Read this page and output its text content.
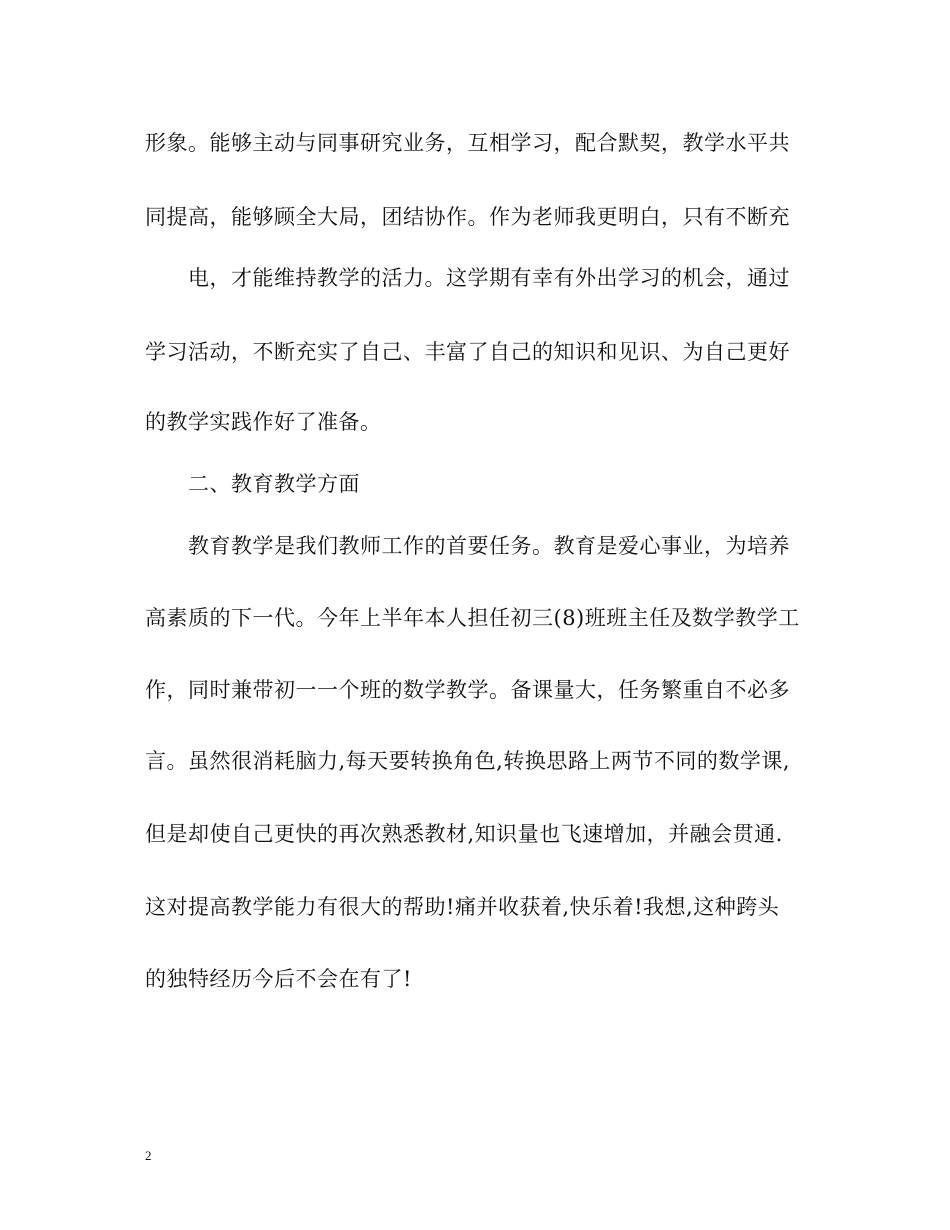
形象。能够主动与同事研究业务，互相学习，配合默契，教学水平共
同提高，能够顾全大局，团结协作。作为老师我更明白，只有不断充
电，才能维持教学的活力。这学期有幸有外出学习的机会，通过
学习活动，不断充实了自己、丰富了自己的知识和见识、为自己更好
的教学实践作好了准备。
二、教育教学方面
教育教学是我们教师工作的首要任务。教育是爱心事业，为培养
高素质的下一代。今年上半年本人担任初三(8)班班主任及数学教学工
作，同时兼带初一一个班的数学教学。备课量大，任务繁重自不必多
言。虽然很消耗脑力,每天要转换角色,转换思路上两节不同的数学课,
但是却使自己更快的再次熟悉教材,知识量也飞速增加，并融会贯通.
这对提高教学能力有很大的帮助!痛并收获着,快乐着!我想,这种跨头
的独特经历今后不会在有了!
2
